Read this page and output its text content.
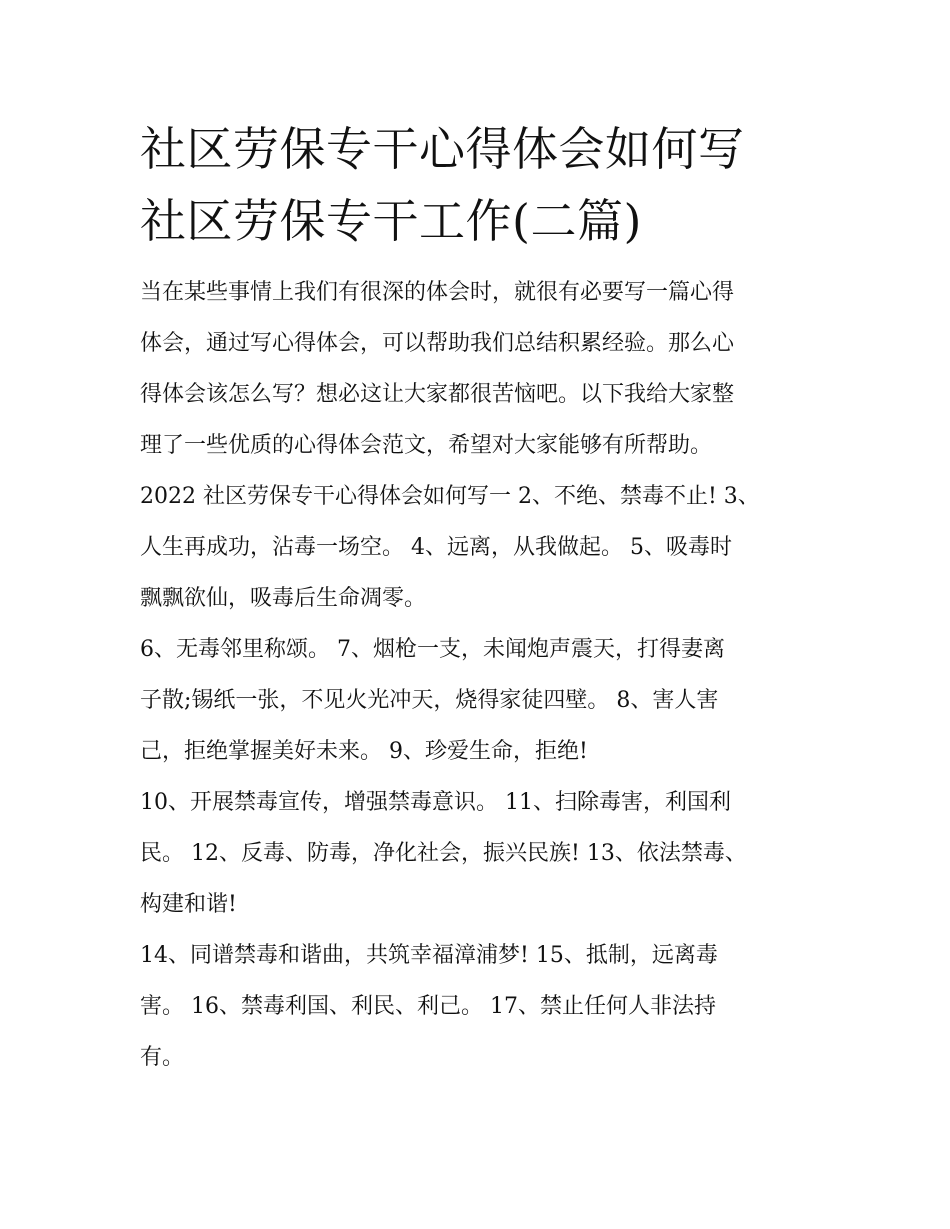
社区劳保专干心得体会如何写
社区劳保专干工作(二篇)

当在某些事情上我们有很深的体会时，就很有必要写一篇心得
体会，通过写心得体会，可以帮助我们总结积累经验。那么心
得体会该怎么写？想必这让大家都很苦恼吧。以下我给大家整
理了一些优质的心得体会范文，希望对大家能够有所帮助。

2022 社区劳保专干心得体会如何写一 2、不绝、禁毒不止! 3、
人生再成功，沾毒一场空。 4、远离，从我做起。 5、吸毒时
飘飘欲仙，吸毒后生命凋零。

6、无毒邻里称颂。 7、烟枪一支，未闻炮声震天，打得妻离
子散;锡纸一张，不见火光冲天，烧得家徒四壁。 8、害人害
己，拒绝掌握美好未来。 9、珍爱生命，拒绝!

10、开展禁毒宣传，增强禁毒意识。 11、扫除毒害，利国利
民。 12、反毒、防毒，净化社会，振兴民族! 13、依法禁毒、
构建和谐!

14、同谱禁毒和谐曲，共筑幸福漳浦梦! 15、抵制，远离毒
害。 16、禁毒利国、利民、利己。 17、禁止任何人非法持
有。
